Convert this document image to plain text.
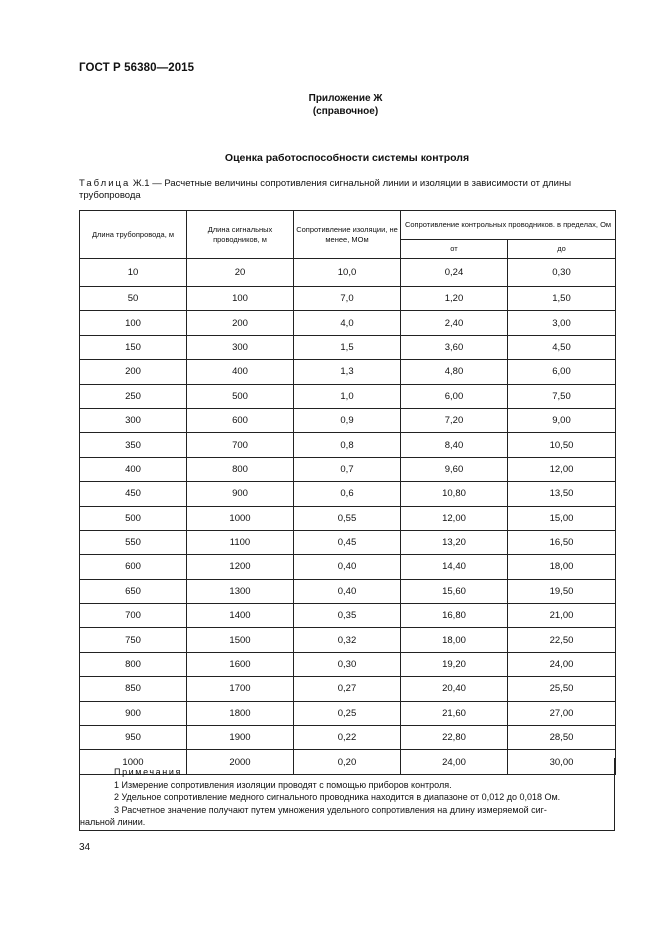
ГОСТ Р 56380—2015
Приложение Ж
(справочное)
Оценка работоспособности системы контроля
Таблица Ж.1 — Расчетные величины сопротивления сигнальной линии и изоляции в зависимости от длины трубопровода
Длина трубопровода, м	Длина сигнальных проводников, м	Сопротивление изоляции, не менее, МОм	Сопротивление контрольных проводников. в пределах, Ом	
			от	до
10	20	10,0	0,24	0,30
50	100	7,0	1,20	1,50
100	200	4,0	2,40	3,00
150	300	1,5	3,60	4,50
200	400	1,3	4,80	6,00
250	500	1,0	6,00	7,50
300	600	0,9	7,20	9,00
350	700	0,8	8,40	10,50
400	800	0,7	9,60	12,00
450	900	0,6	10,80	13,50
500	1000	0,55	12,00	15,00
550	1100	0,45	13,20	16,50
600	1200	0,40	14,40	18,00
650	1300	0,40	15,60	19,50
700	1400	0,35	16,80	21,00
750	1500	0,32	18,00	22,50
800	1600	0,30	19,20	24,00
850	1700	0,27	20,40	25,50
900	1800	0,25	21,60	27,00
950	1900	0,22	22,80	28,50
1000	2000	0,20	24,00	30,00
Примечания
1 Измерение сопротивления изоляции проводят с помощью приборов контроля.
2 Удельное сопротивление медного сигнального проводника находится в диапазоне от 0,012 до 0,018 Ом.
3 Расчетное значение получают путем умножения удельного сопротивления на длину измеряемой сиг-
нальной линии.
34
